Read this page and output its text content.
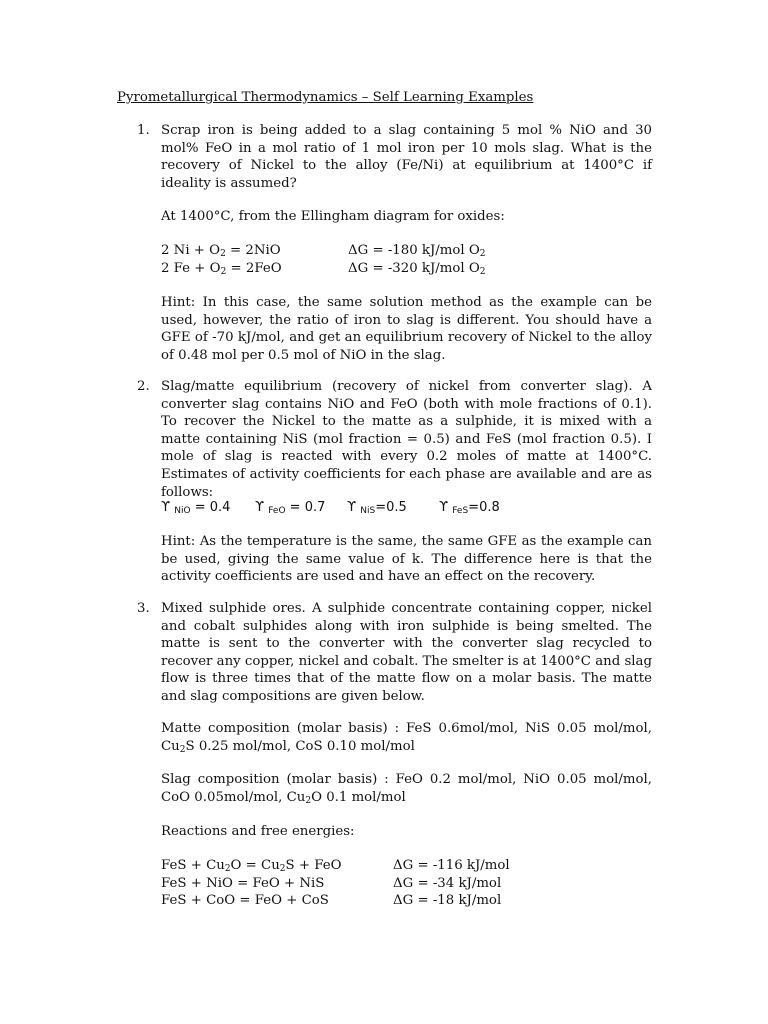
Pyrometallurgical Thermodynamics – Self Learning Examples
1. Scrap iron is being added to a slag containing 5 mol % NiO and 30 mol% FeO in a mol ratio of 1 mol iron per 10 mols slag. What is the recovery of Nickel to the alloy (Fe/Ni) at equilibrium at 1400°C if ideality is assumed?

At 1400°C, from the Ellingham diagram for oxides:
2 $Ni + O_2 = 2NiO$	ΔG = -180 kJ/mol $O_2$
2 $Fe + O_2 = 2FeO$	ΔG = -320 kJ/mol $O_2$

Hint: In this case, the same solution method as the example can be used, however, the ratio of iron to slag is different. You should have a GFE of -70 kJ/mol, and get an equilibrium recovery of Nickel to the alloy of 0.48 mol per 0.5 mol of NiO in the slag.

2. Slag/matte equilibrium (recovery of nickel from converter slag). A converter slag contains NiO and FeO (both with mole fractions of 0.1). To recover the Nickel to the matte as a sulphide, it is mixed with a matte containing NiS (mol fraction = 0.5) and FeS (mol fraction 0.5). I mole of slag is reacted with every 0.2 moles of matte at 1400°C. Estimates of activity coefficients for each phase are available and are as follows:

ϒ $_{NiO}$ = 0.4 ϒ $_{FeO}$ = 0.7 ϒ $_{NiS}$=0.5 ϒ $_{FeS}$=0.8

Hint: As the temperature is the same, the same GFE as the example can be used, giving the same value of k. The difference here is that the activity coefficients are used and have an effect on the recovery.

3. Mixed sulphide ores. A sulphide concentrate containing copper, nickel and cobalt sulphides along with iron sulphide is being smelted. The matte is sent to the converter with the converter slag recycled to recover any copper, nickel and cobalt. The smelter is at 1400°C and slag flow is three times that of the matte flow on a molar basis. The matte and slag compositions are given below.

Matte composition (molar basis) : FeS 0.6mol/mol, NiS 0.05 mol/mol, $Cu_2S$ 0.25 mol/mol, CoS 0.10 mol/mol

Slag composition (molar basis) : FeO 0.2 mol/mol, NiO 0.05 mol/mol, CoO 0.05mol/mol, $Cu_2O$ 0.1 mol/mol

Reactions and free energies:
FeS + $Cu_2O = Cu_2S$ + FeO	ΔG = -116 kJ/mol
FeS + NiO = FeO + NiS	ΔG = -34 kJ/mol
FeS + CoO = FeO + CoS	ΔG = -18 kJ/mol
